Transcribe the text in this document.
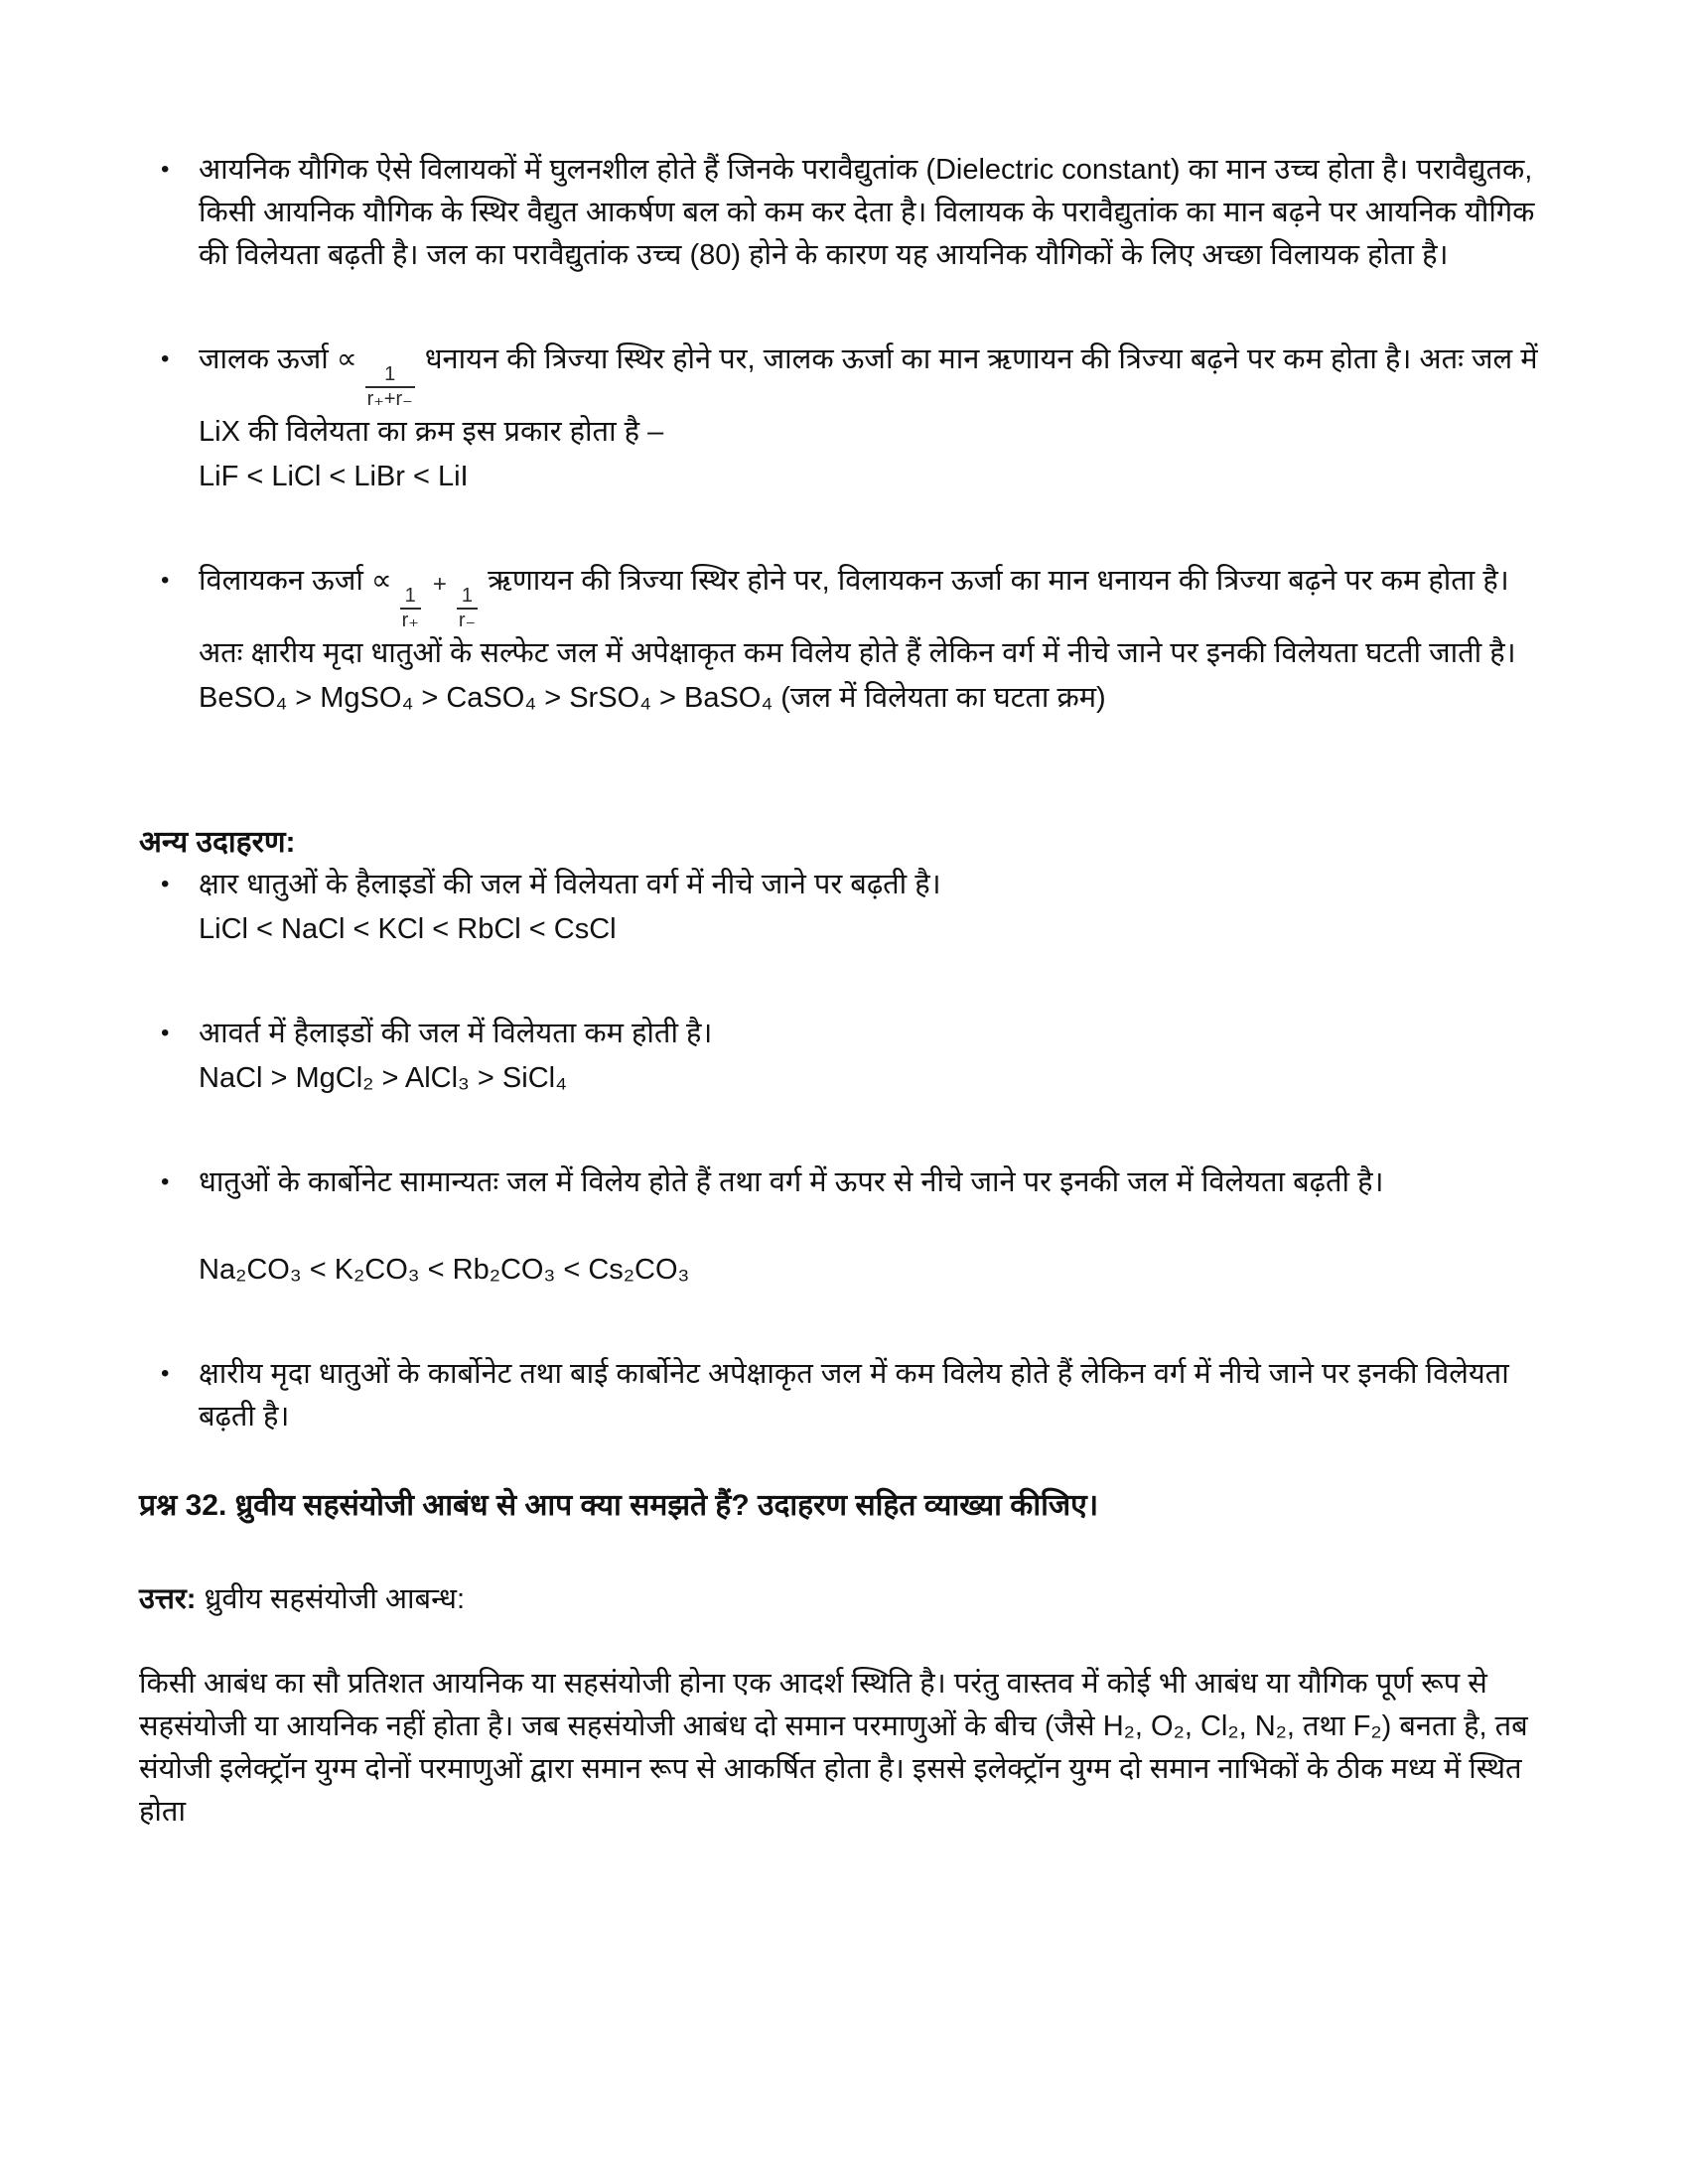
• आयनिक यौगिक ऐसे विलायकों में घुलनशील होते हैं जिनके परावैद्युतांक (Dielectric constant) का मान उच्च होता है। परावैद्युतक, किसी आयनिक यौगिक के स्थिर वैद्युत आकर्षण बल को कम कर देता है। विलायक के परावैद्युतांक का मान बढ़ने पर आयनिक यौगिक की विलेयता बढ़ती है। जल का परावैद्युतांक उच्च (80) होने के कारण यह आयनिक यौगिकों के लिए अच्छा विलायक होता है।
• जालक ऊर्जा ∝
$\frac{1}{r_++r_-}$
धनायन की त्रिज्या स्थिर होने पर, जालक ऊर्जा का मान ऋणायन की त्रिज्या बढ़ने पर कम होता है। अतः जल में LiX की विलेयता का क्रम इस प्रकार होता है –
LiF < LiCl < LiBr < LiI
• विलायकन ऊर्जा ∝
$\frac{1}{r_+}$
+
$\frac{1}{r_-}$
ऋणायन की त्रिज्या स्थिर होने पर, विलायकन ऊर्जा का मान धनायन की त्रिज्या बढ़ने पर कम होता है। अतः क्षारीय मृदा धातुओं के सल्फेट जल में अपेक्षाकृत कम विलेय होते हैं लेकिन वर्ग में नीचे जाने पर इनकी विलेयता घटती जाती है।
BeSO₄ > MgSO₄ > CaSO₄ > SrSO₄ > BaSO₄ (जल में विलेयता का घटता क्रम)
अन्य उदाहरण:
• क्षार धातुओं के हैलाइडों की जल में विलेयता वर्ग में नीचे जाने पर बढ़ती है।
LiCl < NaCl < KCl < RbCl < CsCl
• आवर्त में हैलाइडों की जल में विलेयता कम होती है।
NaCl > MgCl₂ > AlCl₃ > SiCl₄
• धातुओं के कार्बोनेट सामान्यतः जल में विलेय होते हैं तथा वर्ग में ऊपर से नीचे जाने पर इनकी जल में विलेयता बढ़ती है।
Na₂CO₃ < K₂CO₃ < Rb₂CO₃ < Cs₂CO₃
• क्षारीय मृदा धातुओं के कार्बोनेट तथा बाई कार्बोनेट अपेक्षाकृत जल में कम विलेय होते हैं लेकिन वर्ग में नीचे जाने पर इनकी विलेयता बढ़ती है।
प्रश्न 32. ध्रुवीय सहसंयोजी आबंध से आप क्या समझते हैं? उदाहरण सहित व्याख्या कीजिए।
उत्तर: ध्रुवीय सहसंयोजी आबन्ध:
किसी आबंध का सौ प्रतिशत आयनिक या सहसंयोजी होना एक आदर्श स्थिति है। परंतु वास्तव में कोई भी आबंध या यौगिक पूर्ण रूप से सहसंयोजी या आयनिक नहीं होता है। जब सहसंयोजी आबंध दो समान परमाणुओं के बीच (जैसे H₂, O₂, Cl₂, N₂, तथा F₂) बनता है, तब संयोजी इलेक्ट्रॉन युग्म दोनों परमाणुओं द्वारा समान रूप से आकर्षित होता है। इससे इलेक्ट्रॉन युग्म दो समान नाभिकों के ठीक मध्य में स्थित होता
